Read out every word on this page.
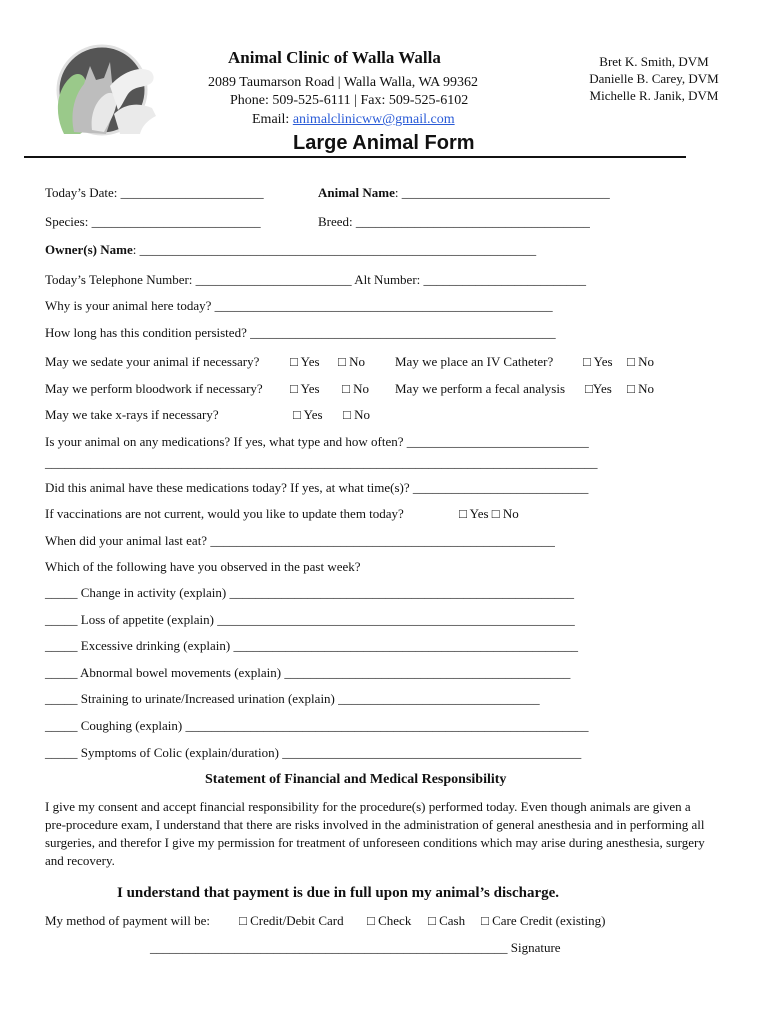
Animal Clinic of Walla Walla
2089 Taumarson Road | Walla Walla, WA 99362
Phone: 509-525-6111 | Fax: 509-525-6102
Email: animalclinicww@gmail.com
Bret K. Smith, DVM
Danielle B. Carey, DVM
Michelle R. Janik, DVM
Large Animal Form
Today’s Date: ______________________	Animal Name: ________________________________
Species: __________________________	Breed: ____________________________________
Owner(s) Name: _____________________________________________________________
Today’s Telephone Number: ________________________ Alt Number: _________________________
Why is your animal here today? ____________________________________________________
How long has this condition persisted? _______________________________________________
May we sedate your animal if necessary? □ Yes □ No May we place an IV Catheter? □ Yes □ No
May we perform bloodwork if necessary? □ Yes □ No May we perform a fecal analysis □Yes □ No
May we take x-rays if necessary?	□ Yes □ No
Is your animal on any medications? If yes, what type and how often? ____________________________
_____________________________________________________________________________________
Did this animal have these medications today? If yes, at what time(s)? ___________________________
If vaccinations are not current, would you like to update them today?	□ Yes □ No
When did your animal last eat? _____________________________________________________
Which of the following have you observed in the past week?
_____ Change in activity (explain) _____________________________________________________
_____ Loss of appetite (explain) _______________________________________________________
_____ Excessive drinking (explain) _____________________________________________________
_____ Abnormal bowel movements (explain) ____________________________________________
_____ Straining to urinate/Increased urination (explain) _______________________________
_____ Coughing (explain) ______________________________________________________________
_____ Symptoms of Colic (explain/duration) ______________________________________________
Statement of Financial and Medical Responsibility
I give my consent and accept financial responsibility for the procedure(s) performed today. Even though animals are given a pre-procedure exam, I understand that there are risks involved in the administration of general anesthesia and in performing all surgeries, and therefor I give my permission for treatment of unforeseen conditions which may arise during anesthesia, surgery and recovery.
I understand that payment is due in full upon my animal’s discharge.
My method of payment will be: □ Credit/Debit Card □ Check □ Cash □ Care Credit (existing)
_______________________________________________________ Signature
